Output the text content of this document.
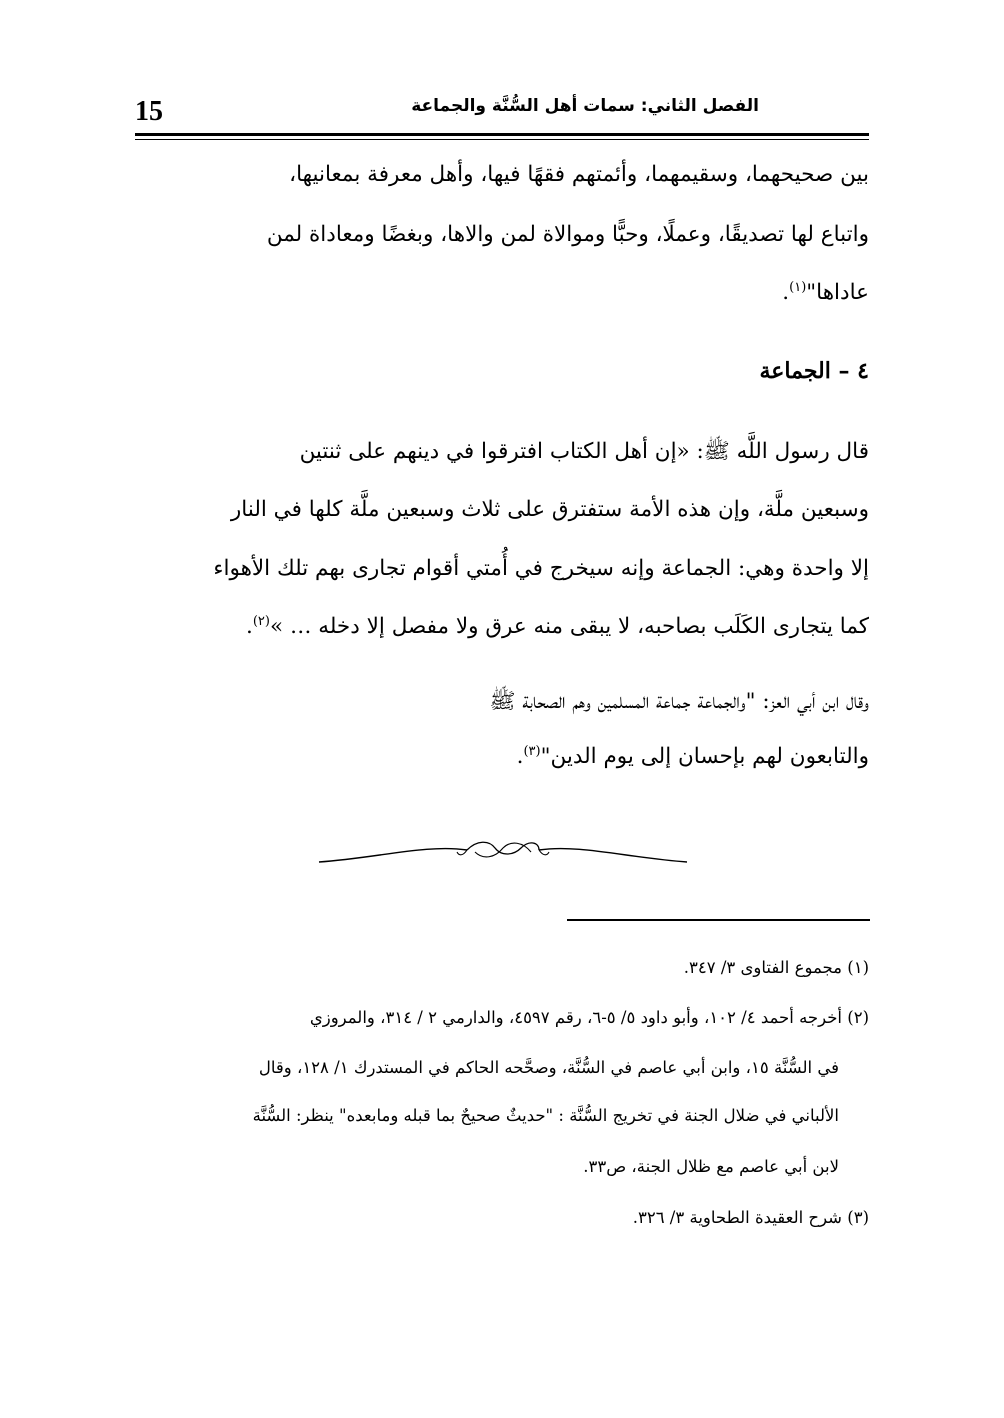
15	الفصل الثاني: سمات أهل السُّنَّة والجماعة
بين صحيحهما، وسقيمهما، وأئمتهم فقهًا فيها، وأهل معرفة بمعانيها،
واتباع لها تصديقًا، وعملًا، وحبًّا وموالاة لمن والاها، وبغضًا ومعاداة لمن
عاداها"$^{(١)}$.
٤ – الجماعة
قال رسول اللَّه ﷺ: «إن أهل الكتاب افترقوا في دينهم على ثنتين
وسبعين ملَّة، وإن هذه الأمة ستفترق على ثلاث وسبعين ملَّة كلها في النار
إلا واحدة وهي: الجماعة وإنه سيخرج في أُمتي أقوام تجارى بهم تلك الأهواء
كما يتجارى الكَلَب بصاحبه، لا يبقى منه عرق ولا مفصل إلا دخله … »$^{(٢)}$.
وقال ابن أبي العز: "والجماعة جماعة المسلمين وهم الصحابة ﷺ
والتابعون لهم بإحسان إلى يوم الدين"$^{(٣)}$.
(١) مجموع الفتاوى ٣/ ٣٤٧.
(٢) أخرجه أحمد ٤/ ١٠٢، وأبو داود ٥/ ٥-٦، رقم ٤٥٩٧، والدارمي ٢ / ٣١٤، والمروزي
في السُّنَّة ١٥، وابن أبي عاصم في السُّنَّة، وصحَّحه الحاكم في المستدرك ١/ ١٢٨، وقال
الألباني في ضلال الجنة في تخريج السُّنَّة : "حديثٌ صحيحٌ بما قبله ومابعده" ينظر: السُّنَّة
لابن أبي عاصم مع ظلال الجنة، ص٣٣.
(٣) شرح العقيدة الطحاوية ٣/ ٣٢٦.
